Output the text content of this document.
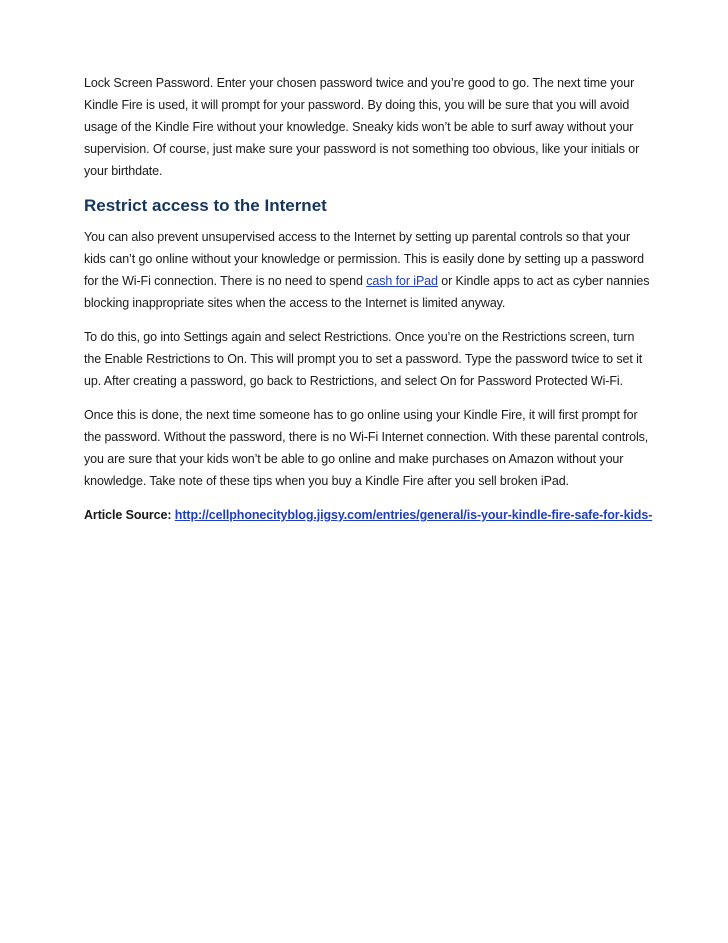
Lock Screen Password. Enter your chosen password twice and you’re good to go. The next time your Kindle Fire is used, it will prompt for your password. By doing this, you will be sure that you will avoid usage of the Kindle Fire without your knowledge. Sneaky kids won’t be able to surf away without your supervision. Of course, just make sure your password is not something too obvious, like your initials or your birthdate.

Restrict access to the Internet

You can also prevent unsupervised access to the Internet by setting up parental controls so that your kids can’t go online without your knowledge or permission. This is easily done by setting up a password for the Wi-Fi connection. There is no need to spend cash for iPad or Kindle apps to act as cyber nannies blocking inappropriate sites when the access to the Internet is limited anyway.

To do this, go into Settings again and select Restrictions. Once you’re on the Restrictions screen, turn the Enable Restrictions to On. This will prompt you to set a password. Type the password twice to set it up. After creating a password, go back to Restrictions, and select On for Password Protected Wi-Fi.

Once this is done, the next time someone has to go online using your Kindle Fire, it will first prompt for the password. Without the password, there is no Wi-Fi Internet connection. With these parental controls, you are sure that your kids won’t be able to go online and make purchases on Amazon without your knowledge. Take note of these tips when you buy a Kindle Fire after you sell broken iPad.

Article Source: http://cellphonecityblog.jigsy.com/entries/general/is-your-kindle-fire-safe-for-kids-
